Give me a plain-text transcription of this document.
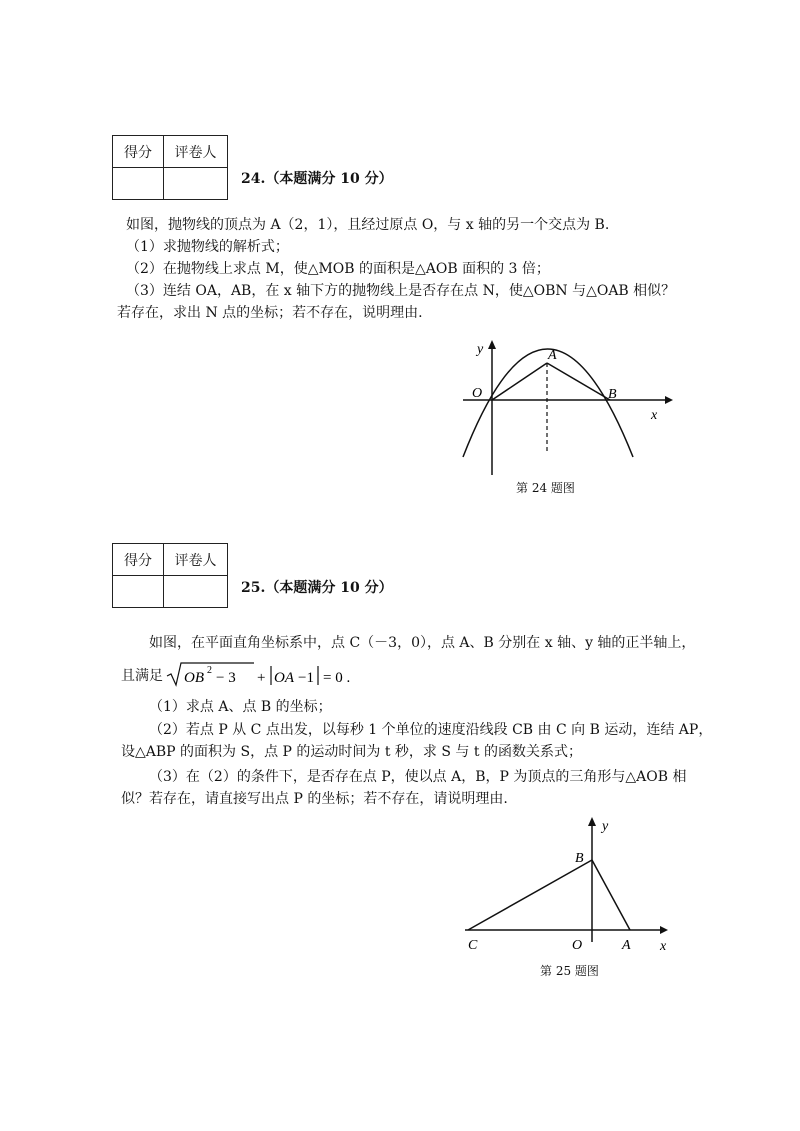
得分	评卷人

24.（本题满分 10 分）
如图，抛物线的顶点为 A（2，1），且经过原点 O，与 x 轴的另一个交点为 B.
（1）求抛物线的解析式；
（2）在抛物线上求点 M，使△MOB 的面积是△AOB 面积的 3 倍；
（3）连结 OA，AB，在 x 轴下方的抛物线上是否存在点 N，使△OBN 与△OAB 相似？
若存在，求出 N 点的坐标；若不存在，说明理由.
y
x
O
A
B
第 24 题图
得分	评卷人

25.（本题满分 10 分）
如图，在平面直角坐标系中，点 C（－3，0），点 A、B 分别在 x 轴、y 轴的正半轴上，
且满足 OB 2 − 3 + OA −1 = 0 .
（1）求点 A、点 B 的坐标；
（2）若点 P 从 C 点出发，以每秒 1 个单位的速度沿线段 CB 由 C 向 B 运动，连结 AP，
设△ABP 的面积为 S，点 P 的运动时间为 t 秒，求 S 与 t 的函数关系式；
（3）在（2）的条件下，是否存在点 P，使以点 A，B，P 为顶点的三角形与△AOB 相
似？若存在，请直接写出点 P 的坐标；若不存在，请说明理由.
y
x
B
C	O	A
第 25 题图
